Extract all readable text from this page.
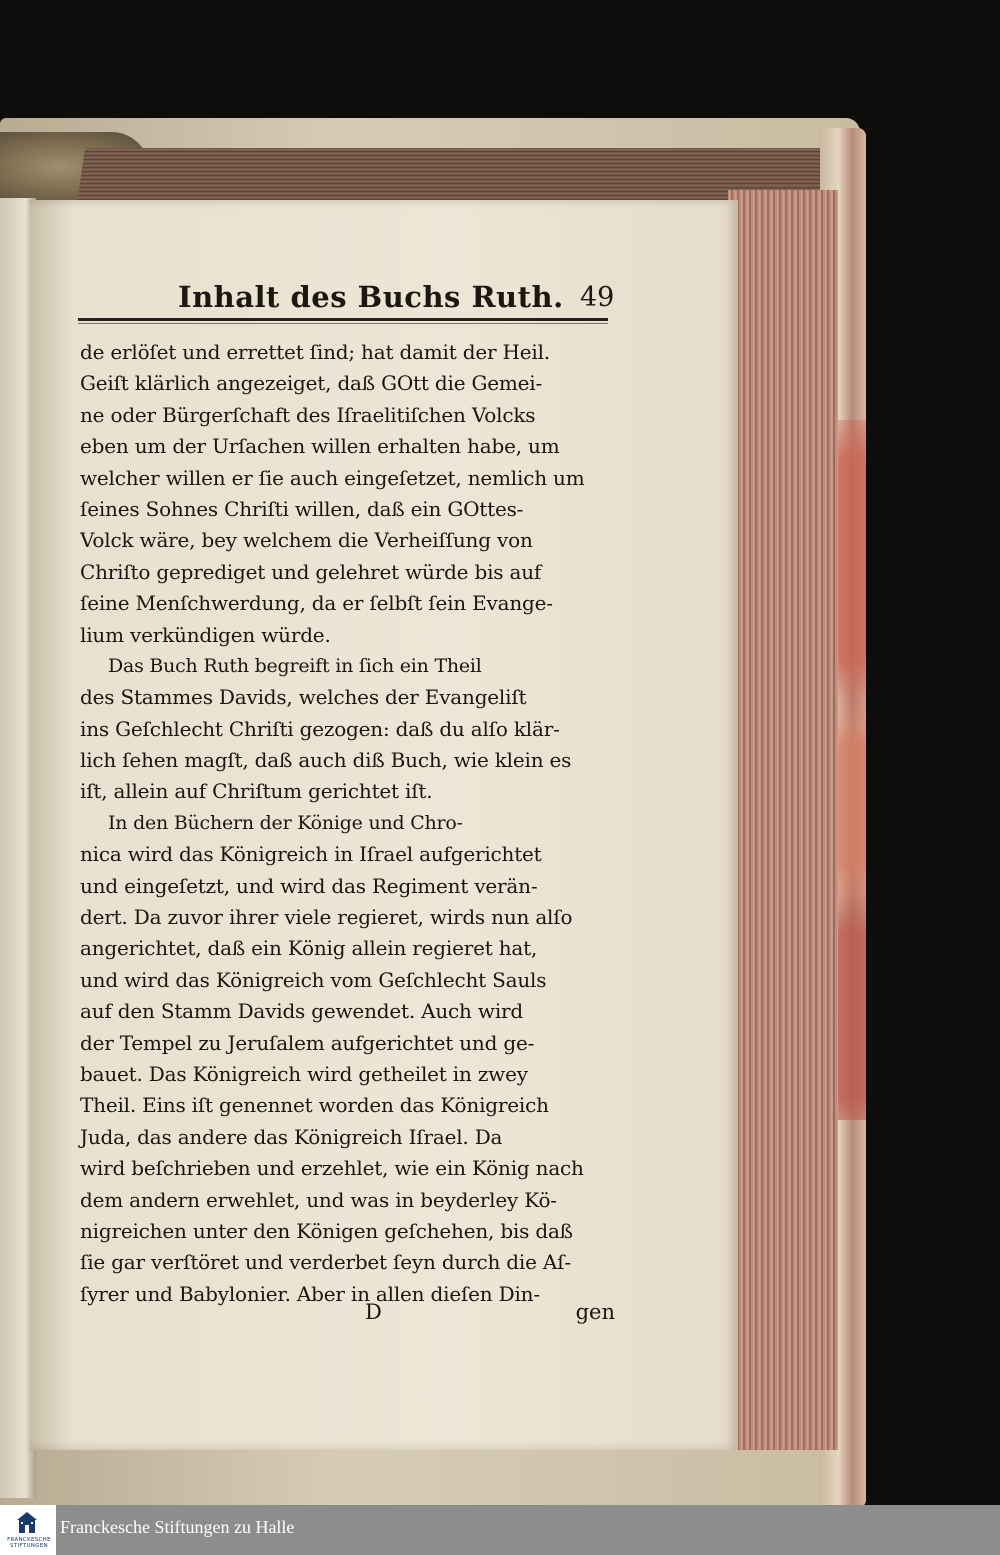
Inhalt des Buchs Ruth. 49
de erlöſet und errettet ſind; hat damit der Heil.
Geiſt klärlich angezeiget, daß GOtt die Gemei-
ne oder Bürgerſchaft des Iſraelitiſchen Volcks
eben um der Urſachen willen erhalten habe, um
welcher willen er ſie auch eingeſetzet, nemlich um
ſeines Sohnes Chriſti willen, daß ein GOttes-
Volck wäre, bey welchem die Verheiſſung von
Chriſto geprediget und gelehret würde bis auf
ſeine Menſchwerdung, da er ſelbſt ſein Evange-
lium verkündigen würde.
Das Buch Ruth begreift in ſich ein Theil
des Stammes Davids, welches der Evangeliſt
ins Geſchlecht Chriſti gezogen: daß du alſo klär-
lich ſehen magſt, daß auch diß Buch, wie klein es
iſt, allein auf Chriſtum gerichtet iſt.
In den Büchern der Könige und Chro-
nica wird das Königreich in Iſrael aufgerichtet
und eingeſetzt, und wird das Regiment verän-
dert. Da zuvor ihrer viele regieret, wirds nun alſo
angerichtet, daß ein König allein regieret hat,
und wird das Königreich vom Geſchlecht Sauls
auf den Stamm Davids gewendet. Auch wird
der Tempel zu Jeruſalem aufgerichtet und ge-
bauet. Das Königreich wird getheilet in zwey
Theil. Eins iſt genennet worden das Königreich
Juda, das andere das Königreich Iſrael. Da
wird beſchrieben und erzehlet, wie ein König nach
dem andern erwehlet, und was in beyderley Kö-
nigreichen unter den Königen geſchehen, bis daß
ſie gar verſtöret und verderbet ſeyn durch die Aſ-
ſyrer und Babylonier. Aber in allen dieſen Din-
D	gen
FRANCKESCHE STIFTUNGEN
Franckesche Stiftungen zu Halle
